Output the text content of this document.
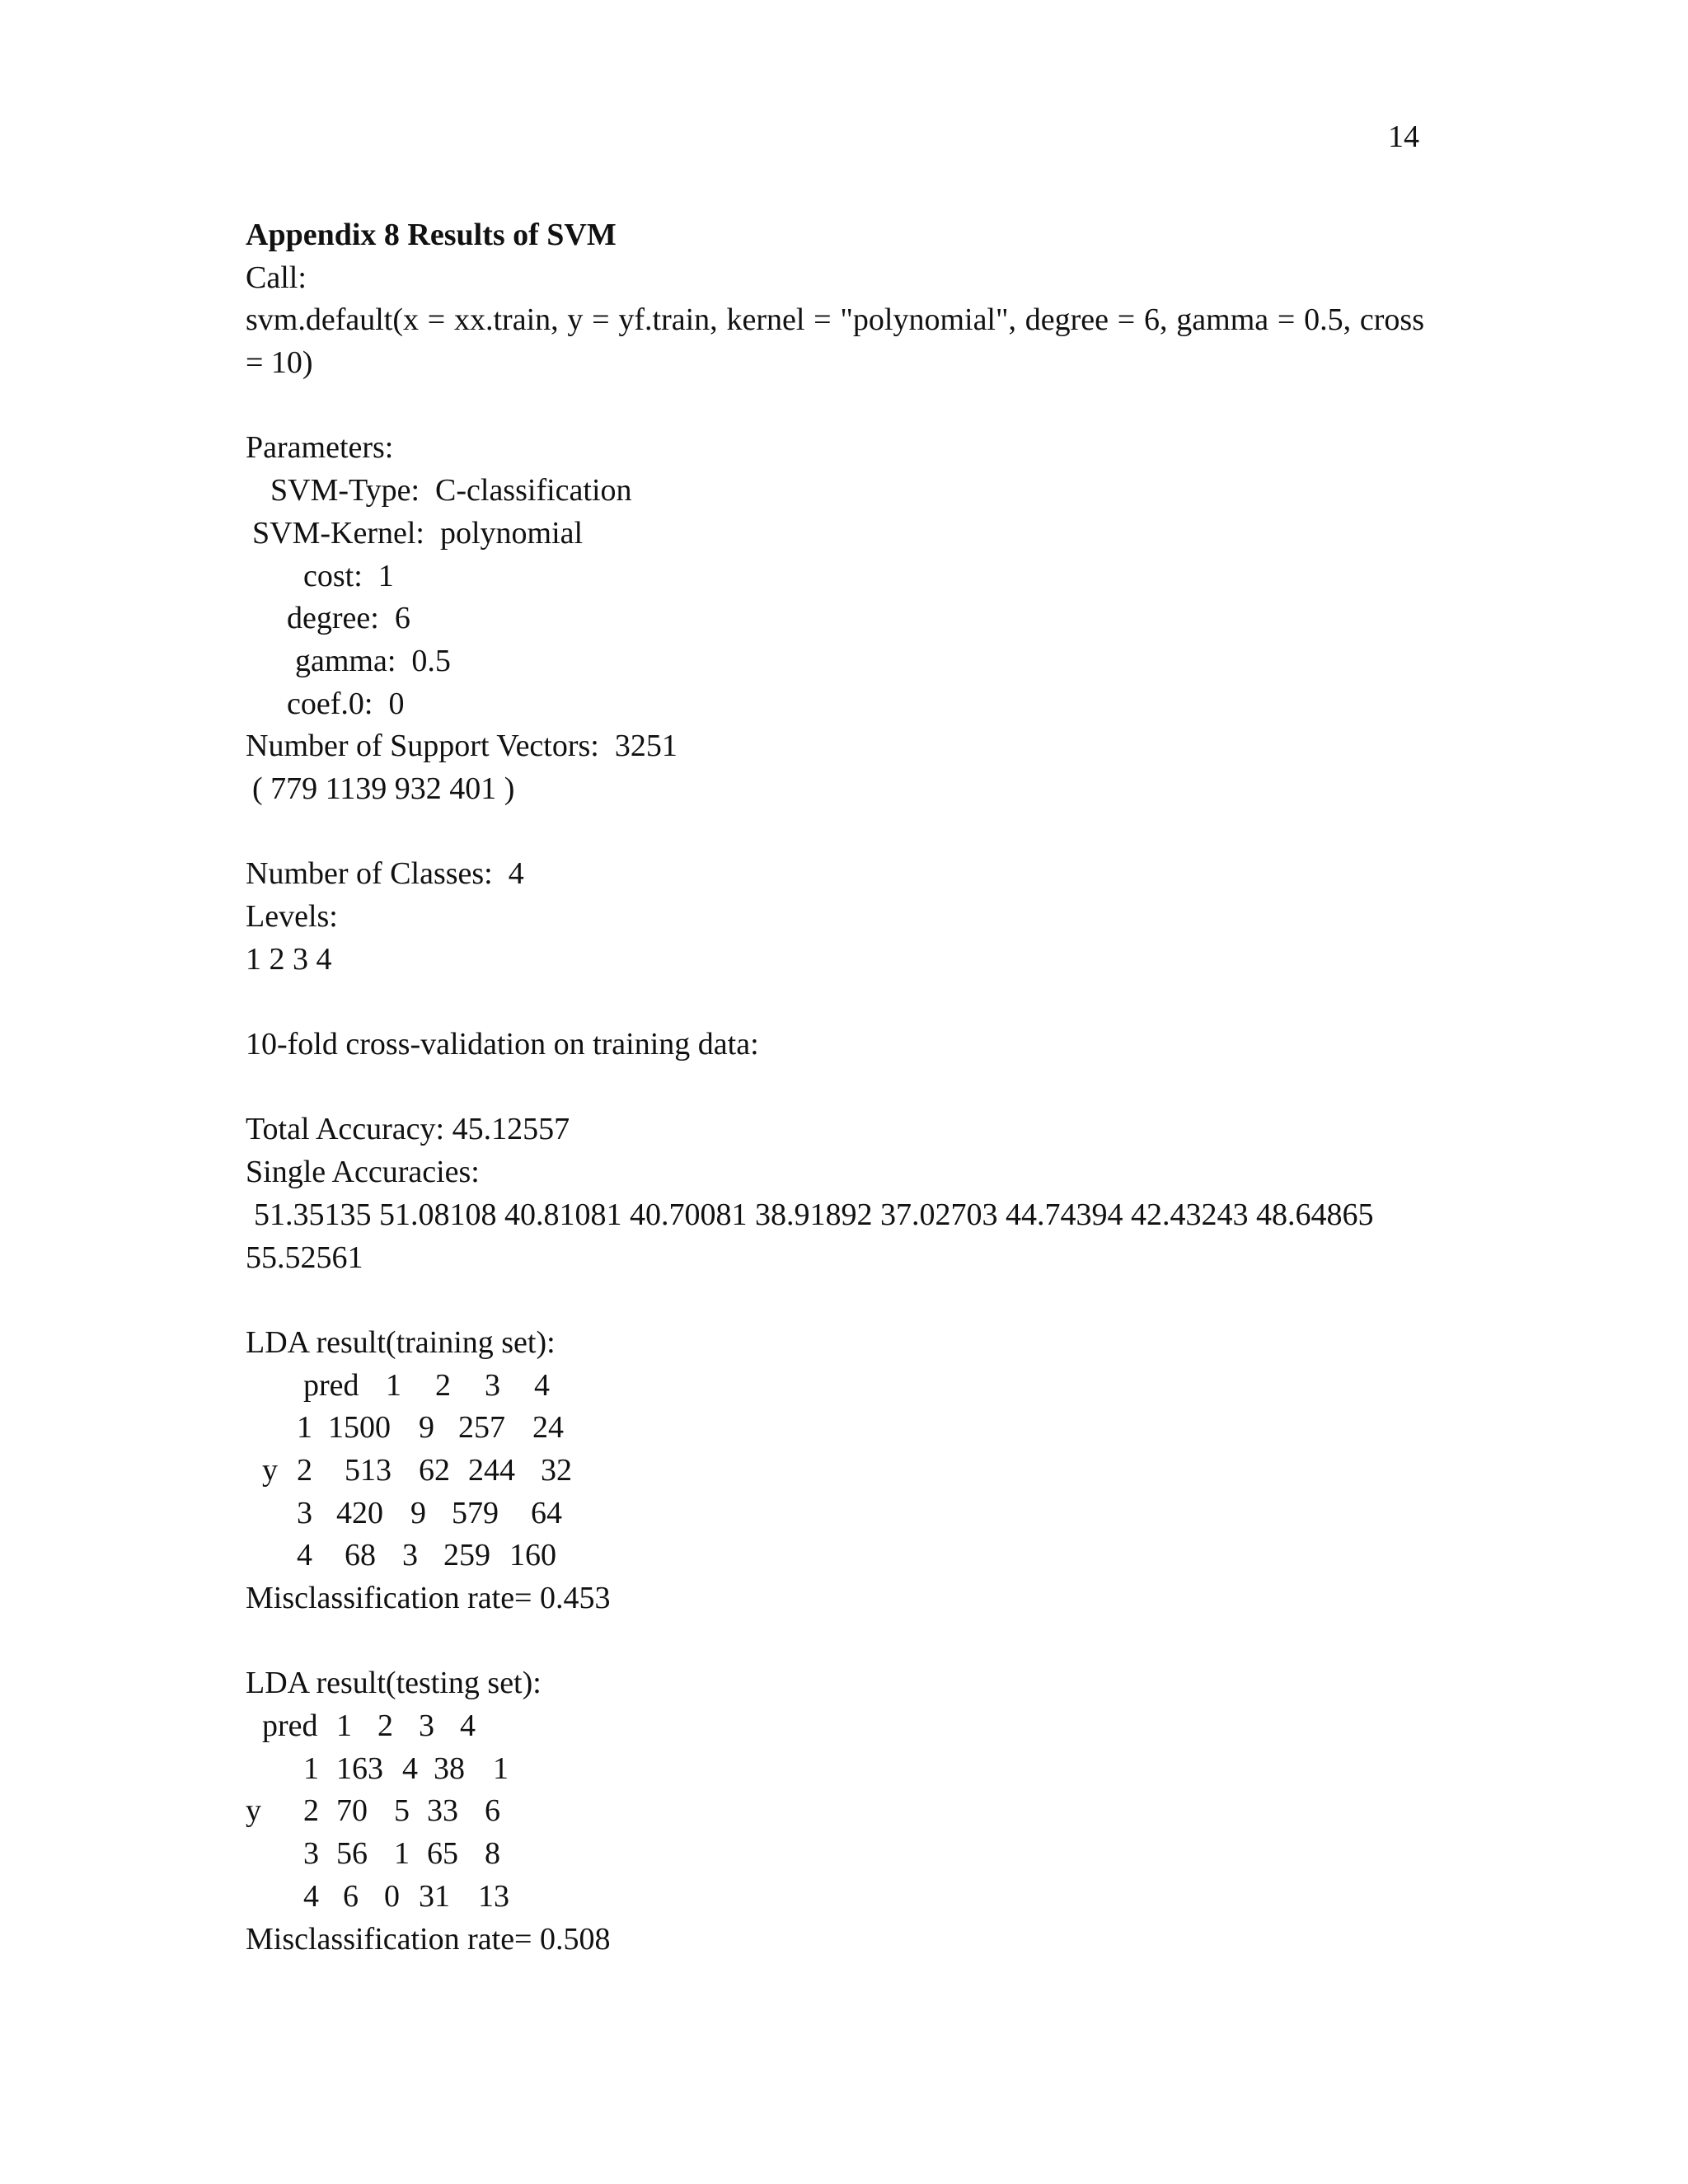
14
Appendix 8 Results of SVM
Call:
svm.default(x = xx.train, y = yf.train, kernel = "polynomial", degree = 6, gamma = 0.5, cross = 10)
Parameters:
SVM-Type: C-classification
SVM-Kernel: polynomial
cost: 1
degree: 6
gamma: 0.5
coef.0: 0
Number of Support Vectors: 3251
( 779 1139 932 401 )
Number of Classes: 4
Levels:
1 2 3 4
10-fold cross-validation on training data:
Total Accuracy: 45.12557
Single Accuracies:
51.35135 51.08108 40.81081 40.70081 38.91892 37.02703 44.74394 42.43243 48.64865
55.52561
LDA result(training set):
pred 1 2 3 4
1 1500 9 257 24
y 2 513 62 244 32
3 420 9 579 64
4 68 3 259 160
Misclassification rate= 0.453
LDA result(testing set):
pred 1 2 3 4
1 163 4 38 1
y 2 70 5 33 6
3 56 1 65 8
4 6 0 31 13
Misclassification rate= 0.508
